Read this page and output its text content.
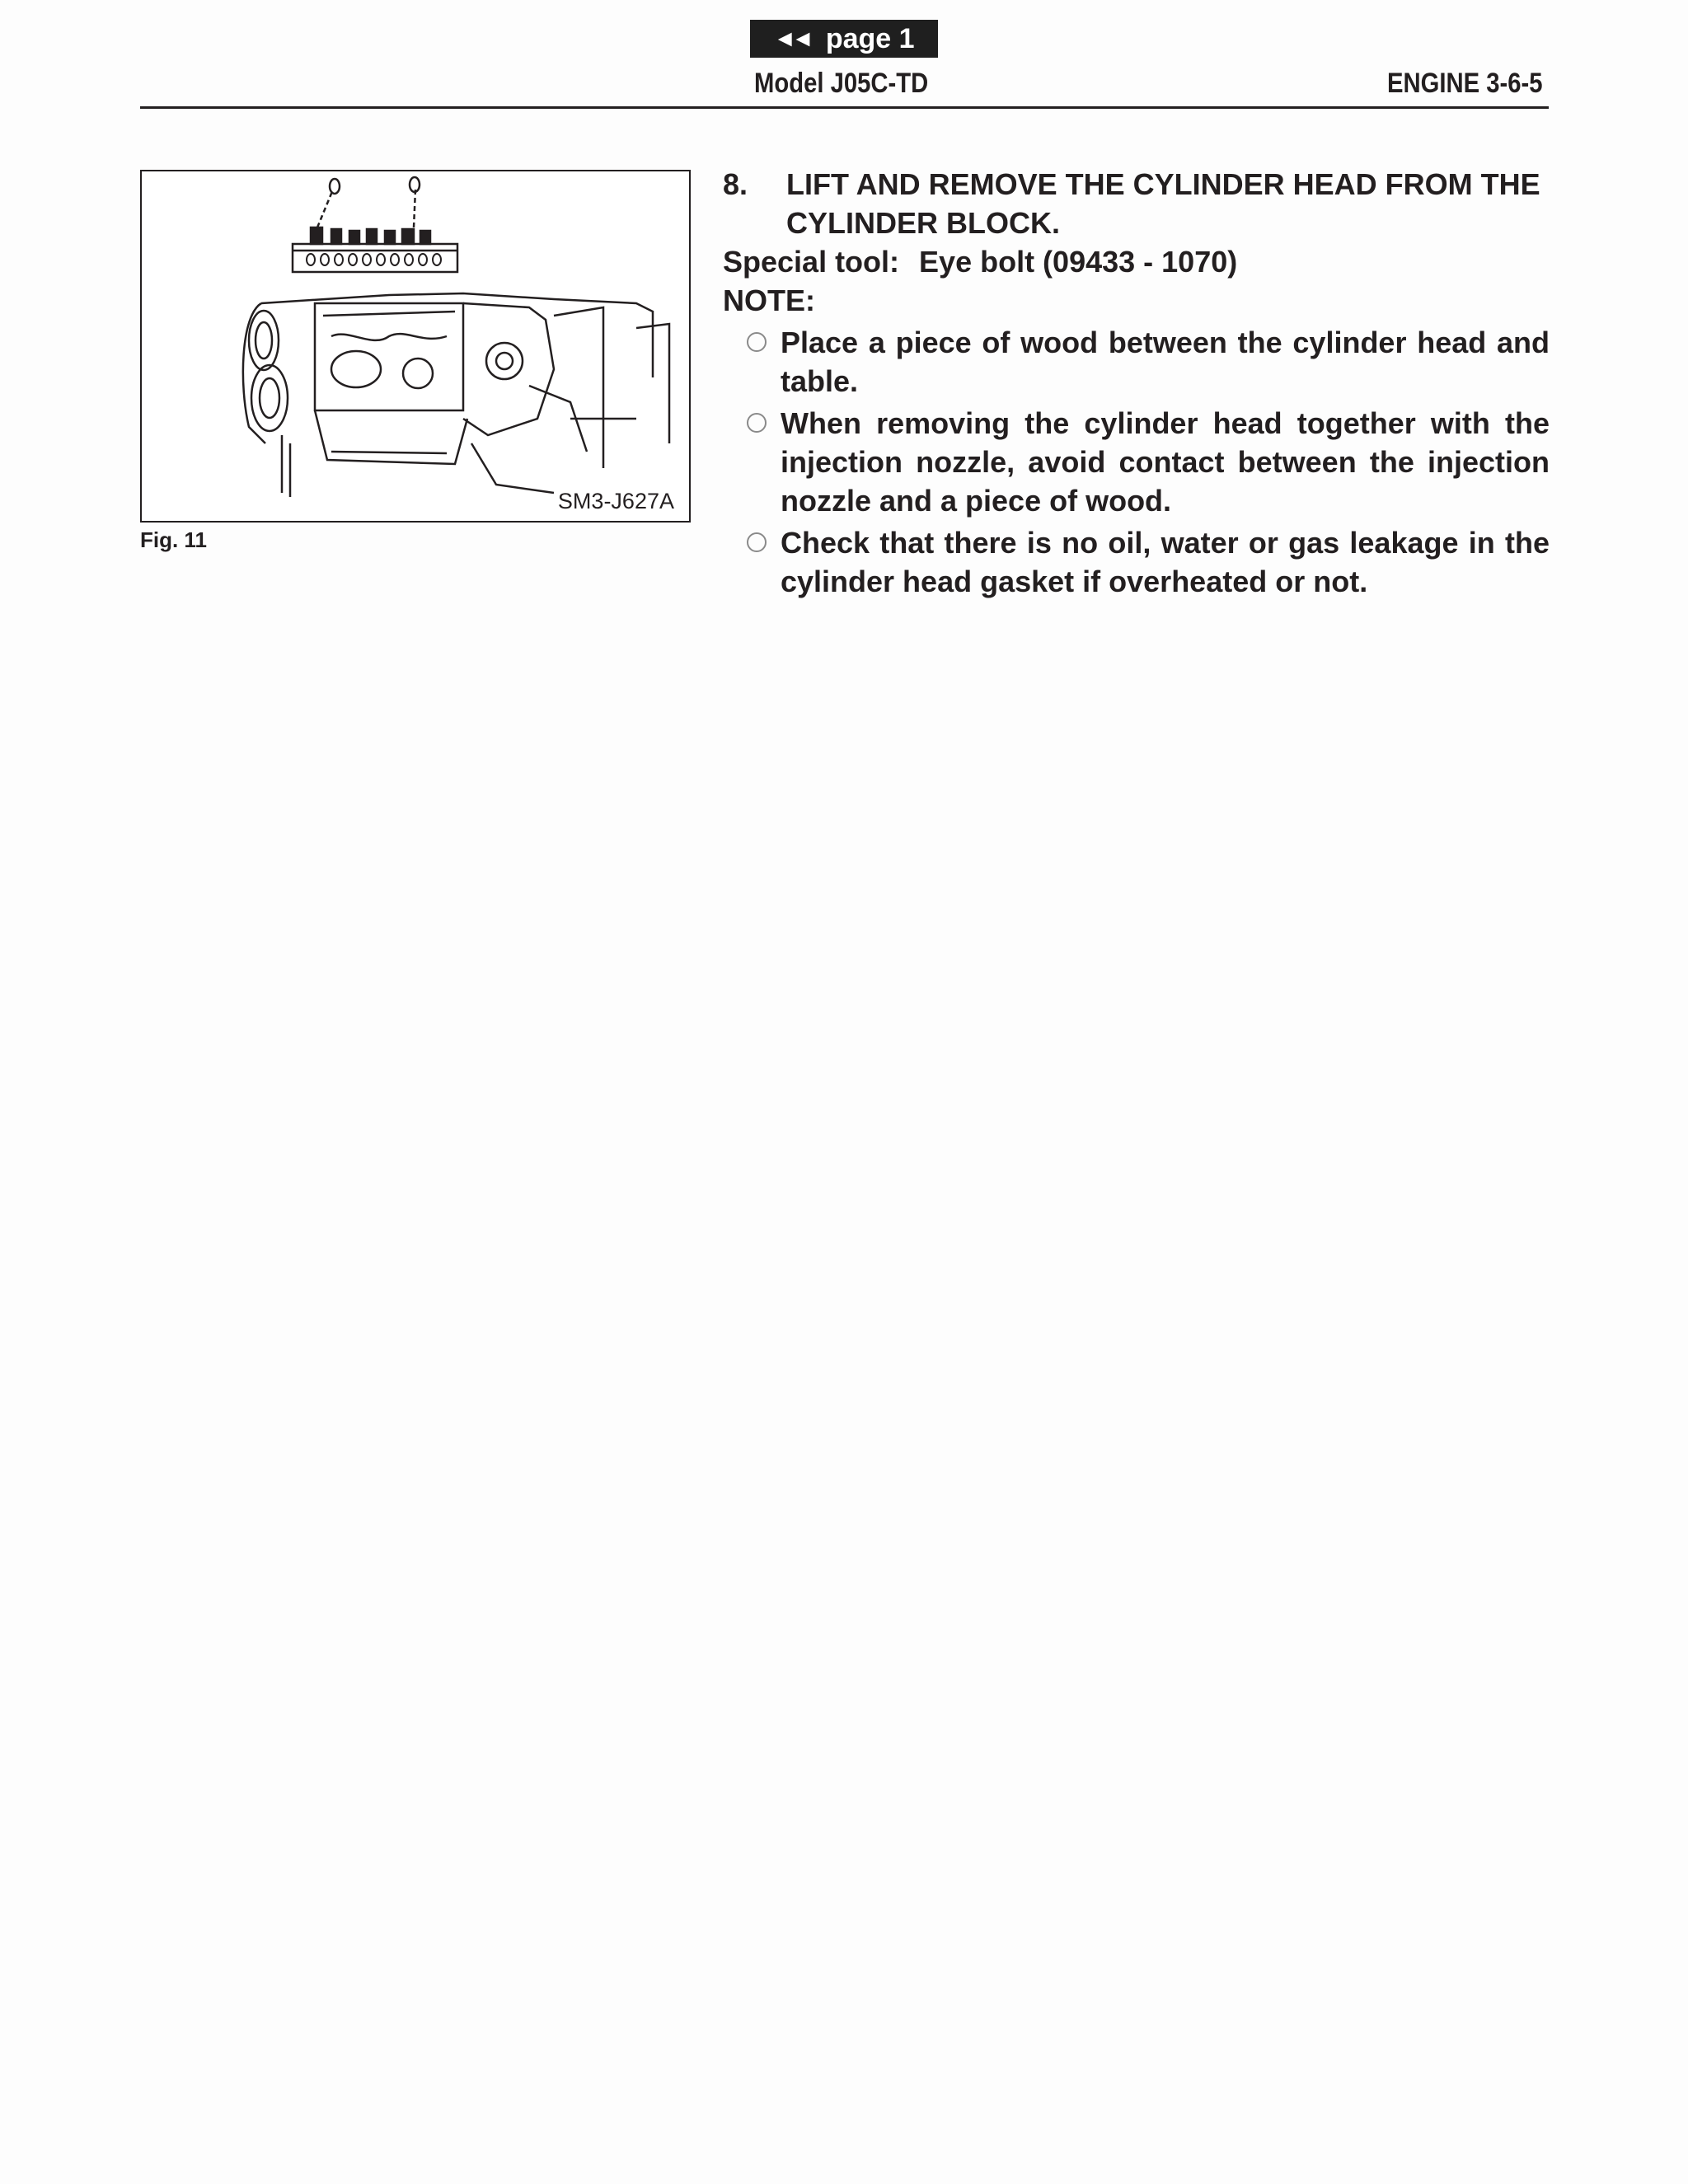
◄◄ page 1
Model J05C-TD	ENGINE 3-6-5
SM3-J627A
Fig. 11
8.	LIFT AND REMOVE THE CYLINDER HEAD FROM THE CYLINDER BLOCK.
Special tool: Eye bolt (09433 - 1070)
NOTE:
Place a piece of wood between the cylinder head and table.
When removing the cylinder head together with the injection nozzle, avoid contact between the injection nozzle and a piece of wood.
Check that there is no oil, water or gas leakage in the cylinder head gasket if overheated or not.
